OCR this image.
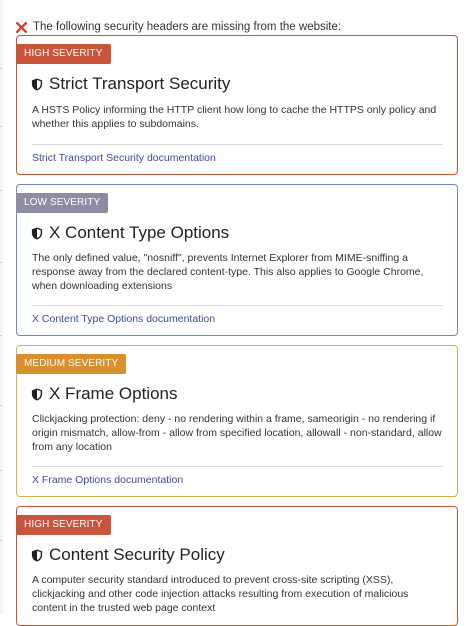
The following security headers are missing from the website:
HIGH SEVERITY
Strict Transport Security
A HSTS Policy informing the HTTP client how long to cache the HTTPS only policy and whether this applies to subdomains.
Strict Transport Security documentation
LOW SEVERITY
X Content Type Options
The only defined value, "nosniff", prevents Internet Explorer from MIME-sniffing a response away from the declared content-type. This also applies to Google Chrome, when downloading extensions
X Content Type Options documentation
MEDIUM SEVERITY
X Frame Options
Clickjacking protection: deny - no rendering within a frame, sameorigin - no rendering if origin mismatch, allow-from - allow from specified location, allowall - non-standard, allow from any location
X Frame Options documentation
HIGH SEVERITY
Content Security Policy
A computer security standard introduced to prevent cross-site scripting (XSS), clickjacking and other code injection attacks resulting from execution of malicious content in the trusted web page context
